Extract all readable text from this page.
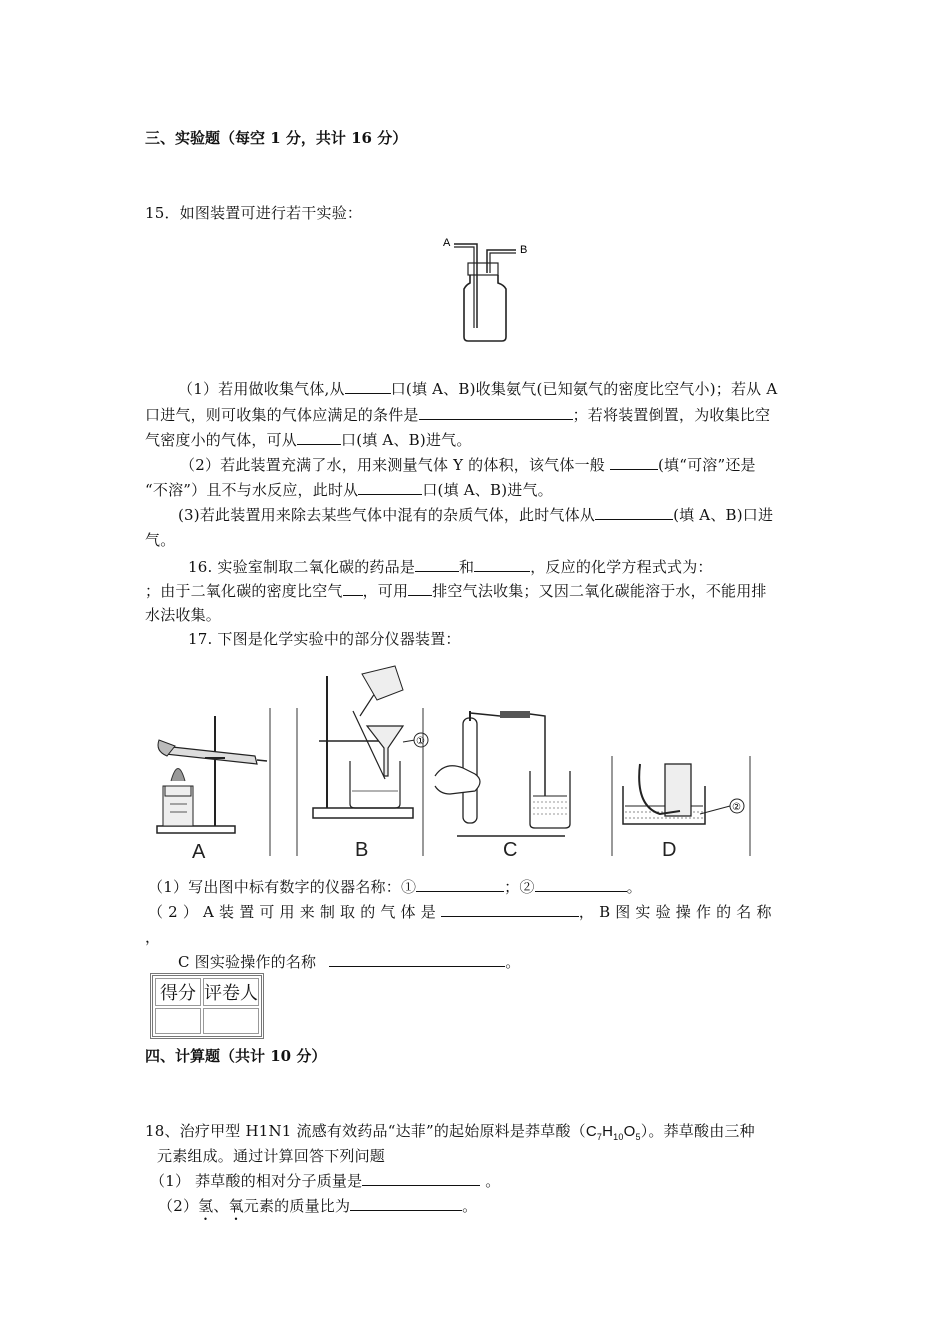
三、实验题（每空 1 分，共计 16 分）
15．如图装置可进行若干实验：
A
B
（1）若用做收集气体,从	口(填 A、B)收集氨气(已知氨气的密度比空气小)；若从 A
口进气，则可收集的气体应满足的条件是	；若将装置倒置，为收集比空
气密度小的气体，可从	口(填 A、B)进气。
（2）若此装置充满了水，用来测量气体 Y 的体积，该气体一般	(填“可溶”还是
“不溶”）且不与水反应，此时从	口(填 A、B)进气。
(3)若此装置用来除去某些气体中混有的杂质气体，此时气体从	(填 A、B)口进
气。
16. 实验室制取二氧化碳的药品是	和	，反应的化学方程式式为：
；由于二氧化碳的密度比空气 ，可用 排空气法收集；又因二氧化碳能溶于水，不能用排
水法收集。
17. 下图是化学实验中的部分仪器装置：
A
①
B	C
②
D
（1）写出图中标有数字的仪器名称：①	；②	。
（ 2 ） A 装 置 可 用 来 制 取 的 气 体 是	， B 图 实 验 操 作 的 名 称
，
C 图实验操作的名称	。
得分	评卷人

四、计算题（共计 10 分）
18、治疗甲型 H1N1 流感有效药品“达菲”的起始原料是莽草酸$(C_7H_{10}O_5)$。莽草酸由三种
元素组成。通过计算回答下列问题
（1） 莽草酸的相对分子质量是	。
（2）氢、氧元素的质量比为	。
